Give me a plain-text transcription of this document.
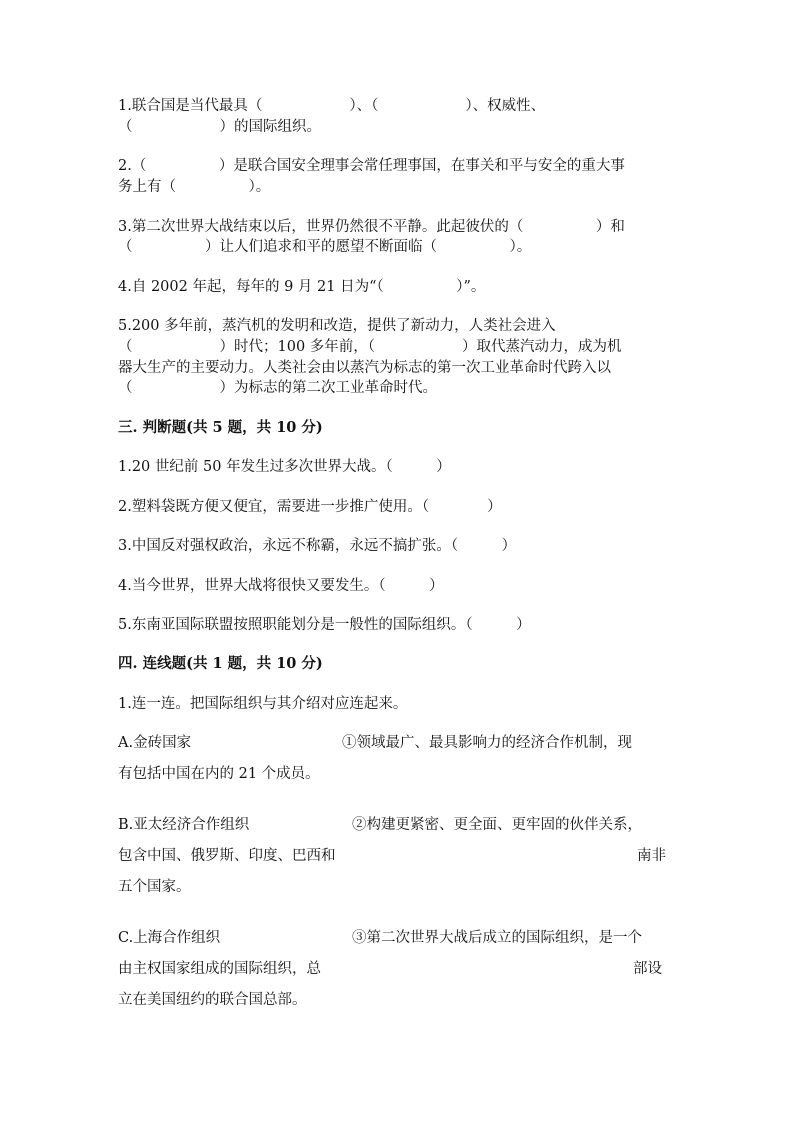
1.联合国是当代最具（　　　　　　）、（　　　　　　）、权威性、
（　　　　　　）的国际组织。
2.（　　　　　）是联合国安全理事会常任理事国，在事关和平与安全的重大事
务上有（　　　　　）。
3.第二次世界大战结束以后，世界仍然很不平静。此起彼伏的（　　　　　）和
（　　　　　）让人们追求和平的愿望不断面临（　　　　　）。
4.自 2002 年起，每年的 9 月 21 日为“（　　　　　）”。
5.200 多年前，蒸汽机的发明和改造，提供了新动力，人类社会进入
（　　　　　　）时代；100 多年前，（　　　　　　）取代蒸汽动力，成为机
器大生产的主要动力。人类社会由以蒸汽为标志的第一次工业革命时代跨入以
（　　　　　　）为标志的第二次工业革命时代。
三. 判断题(共 5 题，共 10 分)
1.20 世纪前 50 年发生过多次世界大战。（　　　）
2.塑料袋既方便又便宜，需要进一步推广使用。（　　　　）
3.中国反对强权政治，永远不称霸，永远不搞扩张。（　　　）
4.当今世界，世界大战将很快又要发生。（　　　）
5.东南亚国际联盟按照职能划分是一般性的国际组织。（　　　）
四. 连线题(共 1 题，共 10 分)
1.连一连。把国际组织与其介绍对应连起来。
A.金砖国家	①领域最广、最具影响力的经济合作机制，现
有包括中国在内的 21 个成员。
B.亚太经济合作组织	②构建更紧密、更全面、更牢固的伙伴关系，
包含中国、俄罗斯、印度、巴西和	南非
五个国家。
C.上海合作组织	③第二次世界大战后成立的国际组织，是一个
由主权国家组成的国际组织，总	部设
立在美国纽约的联合国总部。
